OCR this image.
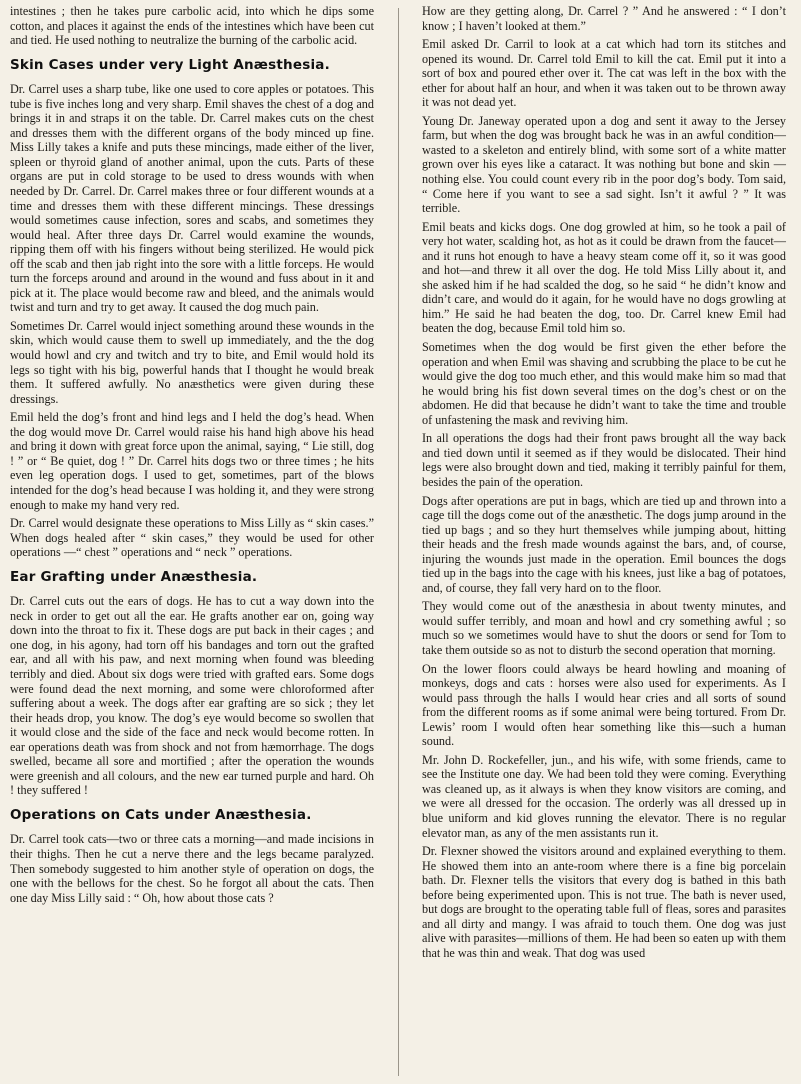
intestines ; then he takes pure carbolic acid, into which he dips some cotton, and places it against the ends of the intestines which have been cut and tied. He used nothing to neutralize the burning of the carbolic acid.

Skin Cases under very Light Anæsthesia.

Dr. Carrel uses a sharp tube, like one used to core apples or potatoes. This tube is five inches long and very sharp. Emil shaves the chest of a dog and brings it in and straps it on the table. Dr. Carrel makes cuts on the chest and dresses them with the different organs of the body minced up fine. Miss Lilly takes a knife and puts these mincings, made either of the liver, spleen or thyroid gland of another animal, upon the cuts. Parts of these organs are put in cold storage to be used to dress wounds with when needed by Dr. Carrel. Dr. Carrel makes three or four different wounds at a time and dresses them with these different mincings. These dressings would sometimes cause infection, sores and scabs, and sometimes they would heal. After three days Dr. Carrel would examine the wounds, ripping them off with his fingers without being sterilized. He would pick off the scab and then jab right into the sore with a little forceps. He would turn the forceps around and around in the wound and fuss about in it and pick at it. The place would become raw and bleed, and the animals would twist and turn and try to get away. It caused the dog much pain.

Sometimes Dr. Carrel would inject something around these wounds in the skin, which would cause them to swell up immediately, and the the dog would howl and cry and twitch and try to bite, and Emil would hold its legs so tight with his big, powerful hands that I thought he would break them. It suffered awfully. No anæsthetics were given during these dressings.

Emil held the dog’s front and hind legs and I held the dog’s head. When the dog would move Dr. Carrel would raise his hand high above his head and bring it down with great force upon the animal, saying, “ Lie still, dog ! ” or “ Be quiet, dog ! ” Dr. Carrel hits dogs two or three times ; he hits even leg operation dogs. I used to get, sometimes, part of the blows intended for the dog’s head because I was holding it, and they were strong enough to make my hand very red.

Dr. Carrel would designate these operations to Miss Lilly as “ skin cases.” When dogs healed after “ skin cases,” they would be used for other operations —“ chest ” operations and “ neck ” operations.

Ear Grafting under Anæsthesia.

Dr. Carrel cuts out the ears of dogs. He has to cut a way down into the neck in order to get out all the ear. He grafts another ear on, going way down into the throat to fix it. These dogs are put back in their cages ; and one dog, in his agony, had torn off his bandages and torn out the grafted ear, and all with his paw, and next morning when found was bleeding terribly and died. About six dogs were tried with grafted ears. Some dogs were found dead the next morning, and some were chloroformed after suffering about a week. The dogs after ear grafting are so sick ; they let their heads drop, you know. The dog’s eye would become so swollen that it would close and the side of the face and neck would become rotten. In ear operations death was from shock and not from hæmorrhage. The dogs swelled, became all sore and mortified ; after the operation the wounds were greenish and all colours, and the new ear turned purple and hard. Oh ! they suffered !

Operations on Cats under Anæsthesia.

Dr. Carrel took cats—two or three cats a morning—and made incisions in their thighs. Then he cut a nerve there and the legs became paralyzed. Then somebody suggested to him another style of operation on dogs, the one with the bellows for the chest. So he forgot all about the cats. Then one day Miss Lilly said : “ Oh, how about those cats ?

How are they getting along, Dr. Carrel ? ” And he answered : “ I don’t know ; I haven’t looked at them.”

Emil asked Dr. Carril to look at a cat which had torn its stitches and opened its wound. Dr. Carrel told Emil to kill the cat. Emil put it into a sort of box and poured ether over it. The cat was left in the box with the ether for about half an hour, and when it was taken out to be thrown away it was not dead yet.

Young Dr. Janeway operated upon a dog and sent it away to the Jersey farm, but when the dog was brought back he was in an awful condition—wasted to a skeleton and entirely blind, with some sort of a white matter grown over his eyes like a cataract. It was nothing but bone and skin —nothing else. You could count every rib in the poor dog’s body. Tom said, “ Come here if you want to see a sad sight. Isn’t it awful ? ” It was terrible.

Emil beats and kicks dogs. One dog growled at him, so he took a pail of very hot water, scalding hot, as hot as it could be drawn from the faucet—and it runs hot enough to have a heavy steam come off it, so it was good and hot—and threw it all over the dog. He told Miss Lilly about it, and she asked him if he had scalded the dog, so he said “ he didn’t know and didn’t care, and would do it again, for he would have no dogs growling at him.” He said he had beaten the dog, too. Dr. Carrel knew Emil had beaten the dog, because Emil told him so.

Sometimes when the dog would be first given the ether before the operation and when Emil was shaving and scrubbing the place to be cut he would give the dog too much ether, and this would make him so mad that he would bring his fist down several times on the dog’s chest or on the abdomen. He did that because he didn’t want to take the time and trouble of unfastening the mask and reviving him.

In all operations the dogs had their front paws brought all the way back and tied down until it seemed as if they would be dislocated. Their hind legs were also brought down and tied, making it terribly painful for them, besides the pain of the operation.

Dogs after operations are put in bags, which are tied up and thrown into a cage till the dogs come out of the anæsthetic. The dogs jump around in the tied up bags ; and so they hurt themselves while jumping about, hitting their heads and the fresh made wounds against the bars, and, of course, injuring the wounds just made in the operation. Emil bounces the dogs tied up in the bags into the cage with his knees, just like a bag of potatoes, and, of course, they fall very hard on to the floor.

They would come out of the anæsthesia in about twenty minutes, and would suffer terribly, and moan and howl and cry something awful ; so much so we sometimes would have to shut the doors or send for Tom to take them outside so as not to disturb the second operation that morning.

On the lower floors could always be heard howling and moaning of monkeys, dogs and cats : horses were also used for experiments. As I would pass through the halls I would hear cries and all sorts of sound from the different rooms as if some animal were being tortured. From Dr. Lewis’ room I would often hear something like this—such a human sound.

Mr. John D. Rockefeller, jun., and his wife, with some friends, came to see the Institute one day. We had been told they were coming. Everything was cleaned up, as it always is when they know visitors are coming, and we were all dressed for the occasion. The orderly was all dressed up in blue uniform and kid gloves running the elevator. There is no regular elevator man, as any of the men assistants run it.

Dr. Flexner showed the visitors around and explained everything to them. He showed them into an ante-room where there is a fine big porcelain bath. Dr. Flexner tells the visitors that every dog is bathed in this bath before being experimented upon. This is not true. The bath is never used, but dogs are brought to the operating table full of fleas, sores and parasites and all dirty and mangy. I was afraid to touch them. One dog was just alive with parasites—millions of them. He had been so eaten up with them that he was thin and weak. That dog was used
